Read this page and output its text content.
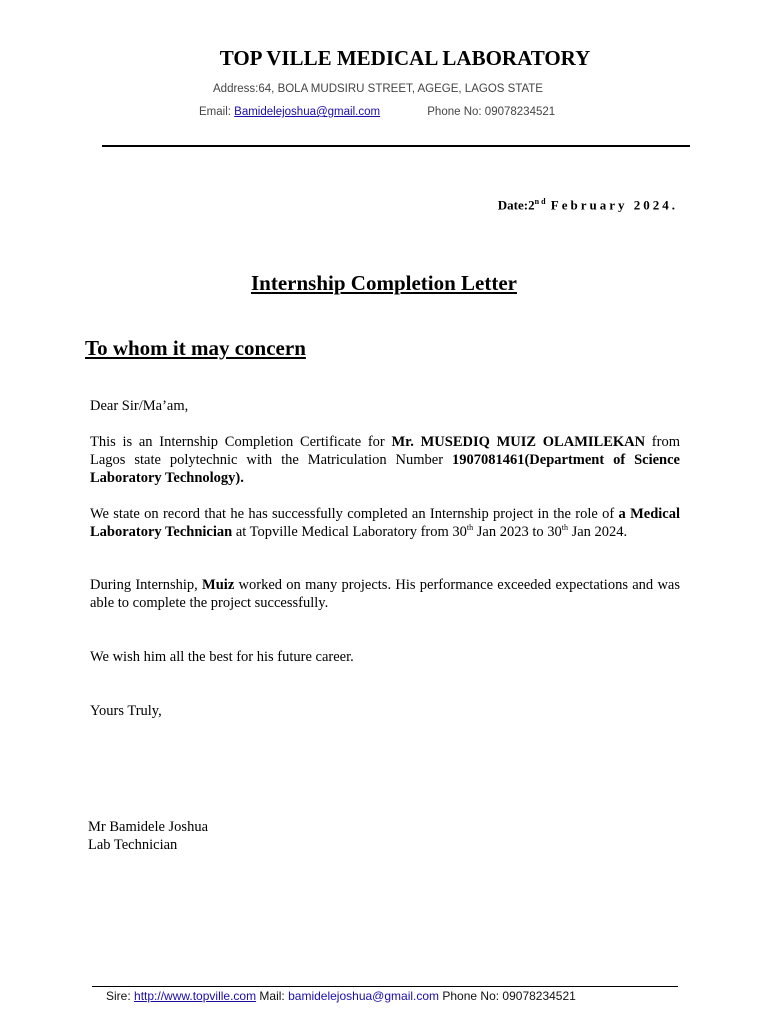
TOP VILLE MEDICAL LABORATORY
Address:64, BOLA MUDSIRU STREET, AGEGE, LAGOS STATE
Email: Bamidelejoshua@gmail.com	Phone No: 09078234521
Date:2nd February 2024.
Internship Completion Letter
To whom it may concern
Dear Sir/Ma’am,
This is an Internship Completion Certificate for Mr. MUSEDIQ MUIZ OLAMILEKAN from Lagos state polytechnic with the Matriculation Number 1907081461(Department of Science Laboratory Technology).
We state on record that he has successfully completed an Internship project in the role of a Medical Laboratory Technician at Topville Medical Laboratory from 30th Jan 2023 to 30th Jan 2024.
During Internship, Muiz worked on many projects. His performance exceeded expectations and was able to complete the project successfully.
We wish him all the best for his future career.
Yours Truly,
Mr Bamidele Joshua
Lab Technician
Sire: http://www.topville.com Mail: bamidelejoshua@gmail.com Phone No: 09078234521
